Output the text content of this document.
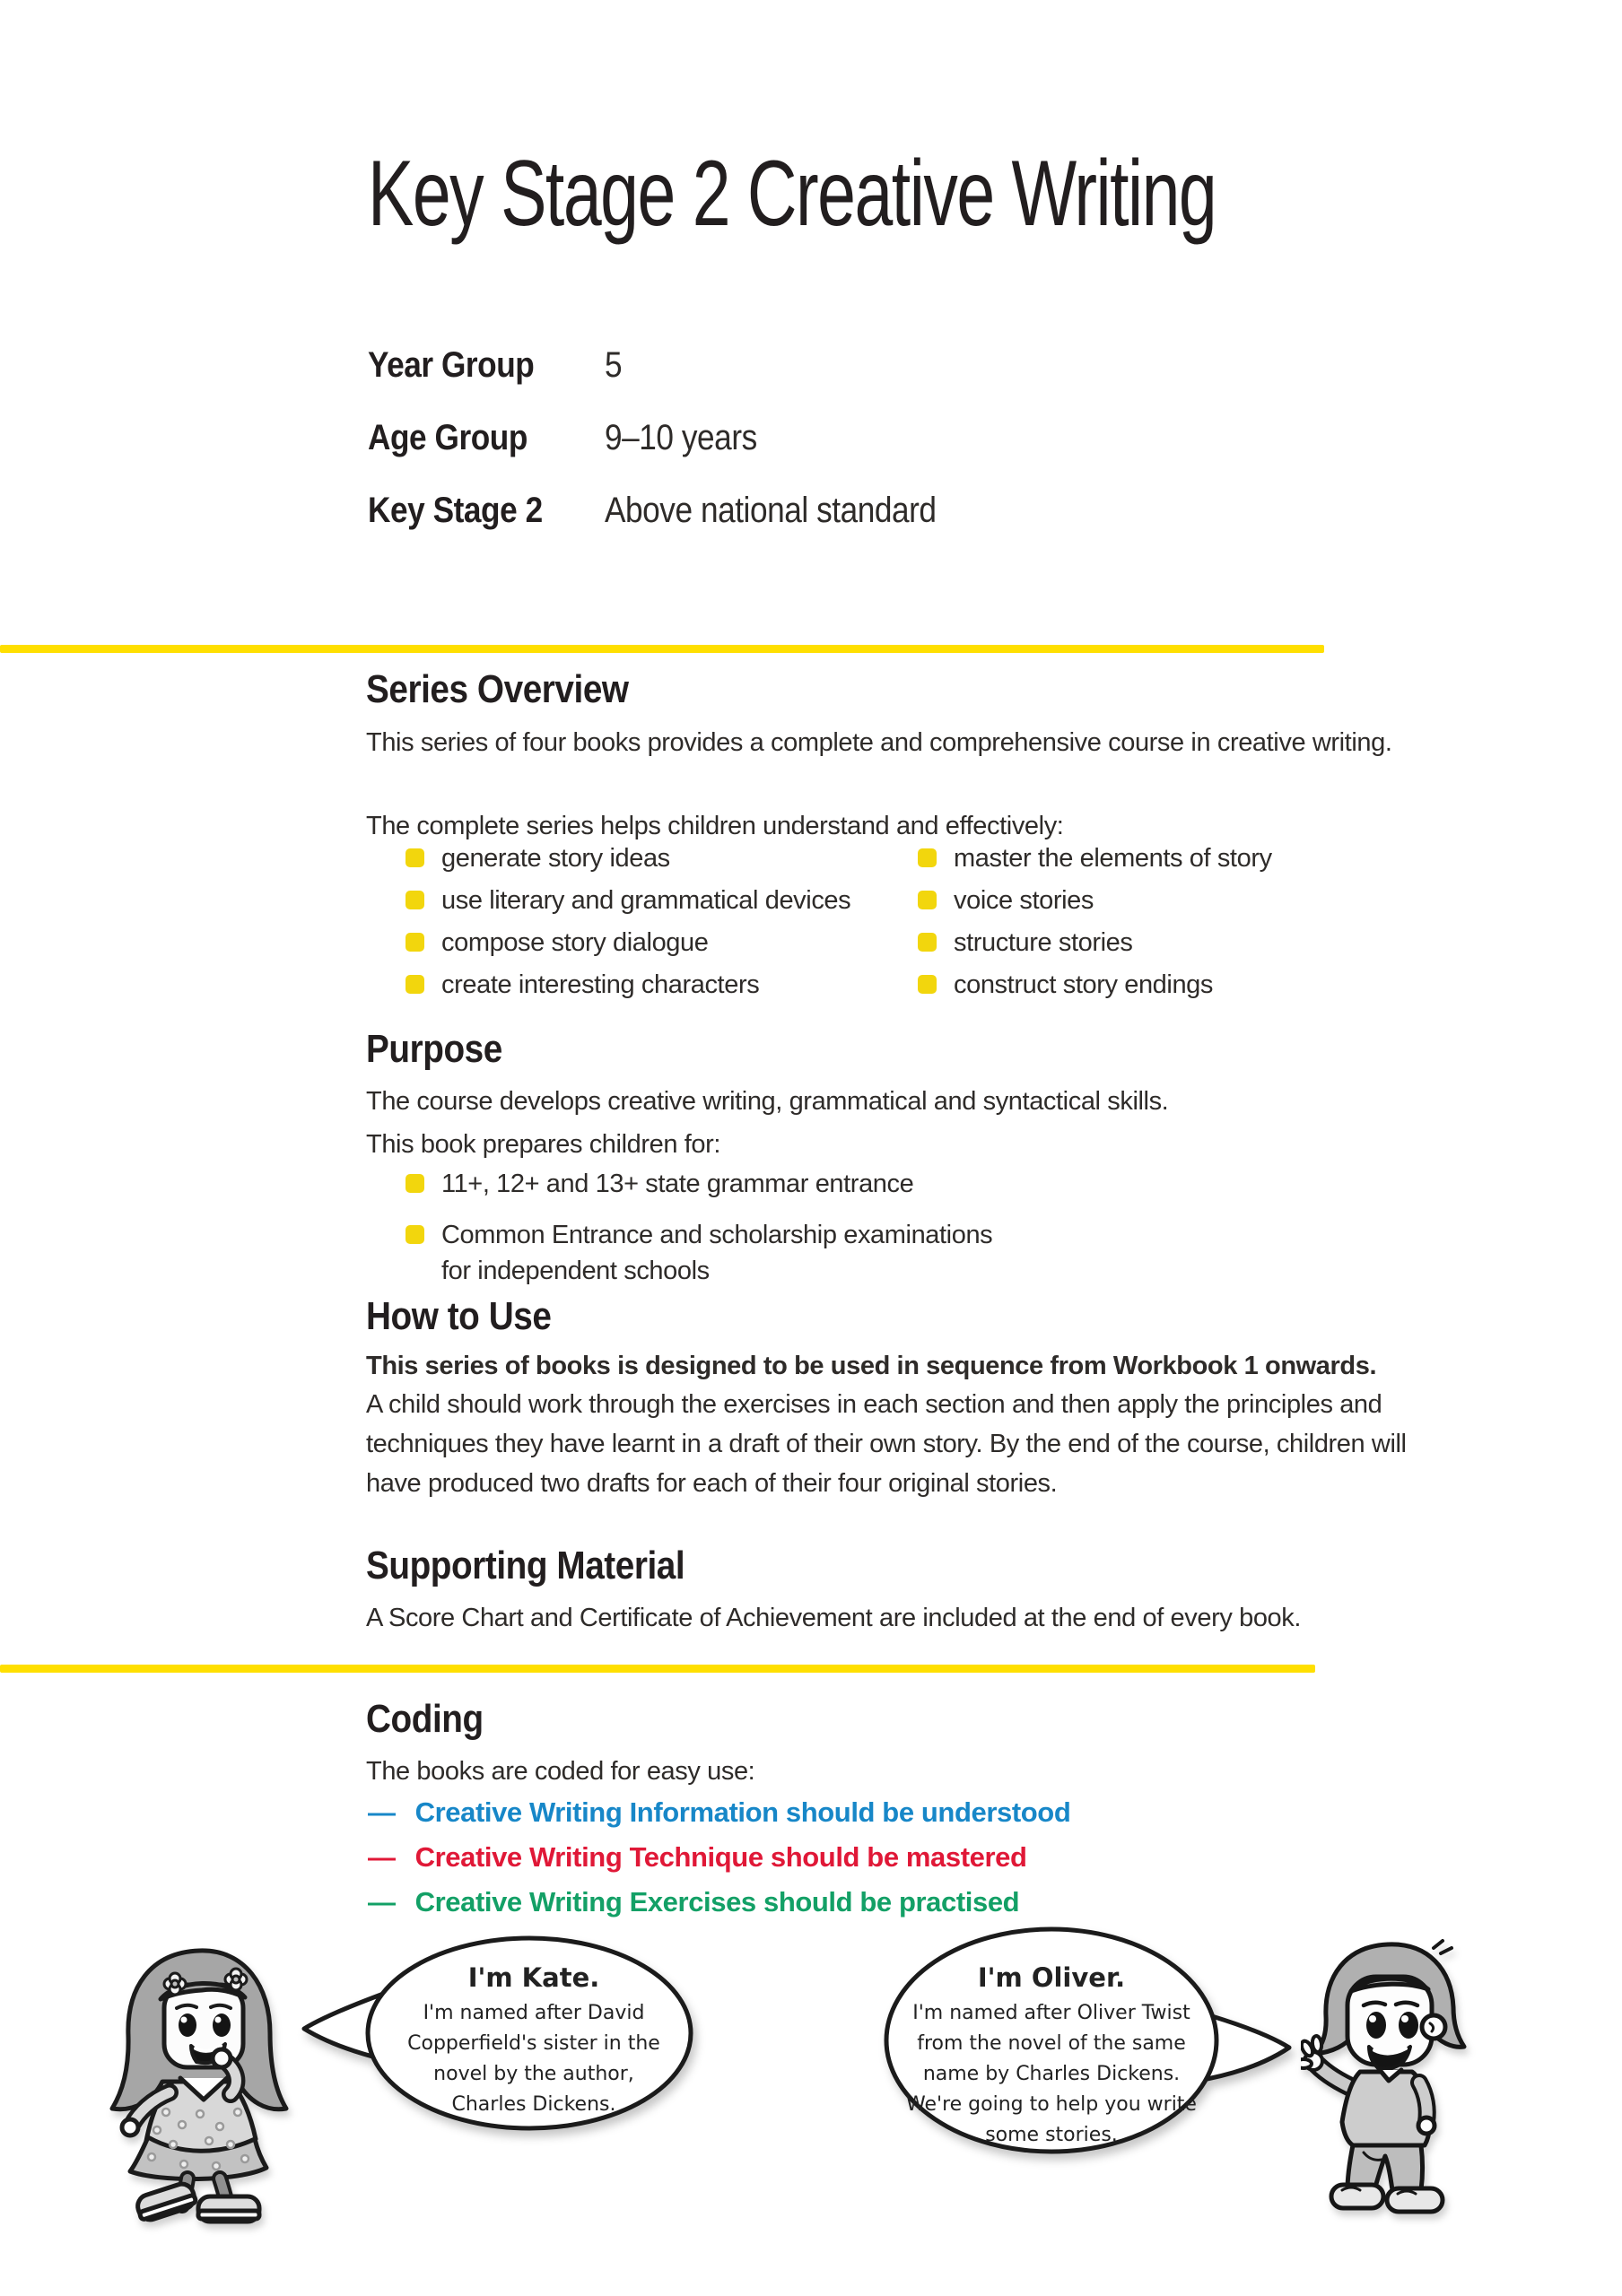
Key Stage 2 Creative Writing
Year Group	5
Age Group	9–10 years
Key Stage 2	Above national standard
Series Overview
This series of four books provides a complete and comprehensive course in creative writing.
The complete series helps children understand and effectively:
generate story ideas
use literary and grammatical devices
compose story dialogue
create interesting characters
master the elements of story
voice stories
structure stories
construct story endings
Purpose
The course develops creative writing, grammatical and syntactical skills.
This book prepares children for:
11+, 12+ and 13+ state grammar entrance
Common Entrance and scholarship examinations for independent schools
How to Use
This series of books is designed to be used in sequence from Workbook 1 onwards.
A child should work through the exercises in each section and then apply the principles and techniques they have learnt in a draft of their own story. By the end of the course, children will have produced two drafts for each of their four original stories.
Supporting Material
A Score Chart and Certificate of Achievement are included at the end of every book.
Coding
The books are coded for easy use:
— Creative Writing Information should be understood
— Creative Writing Technique should be mastered
— Creative Writing Exercises should be practised
I'm Kate.
I'm named after David Copperfield's sister in the novel by the author, Charles Dickens.
I'm Oliver.
I'm named after Oliver Twist from the novel of the same name by Charles Dickens. We're going to help you write some stories.
